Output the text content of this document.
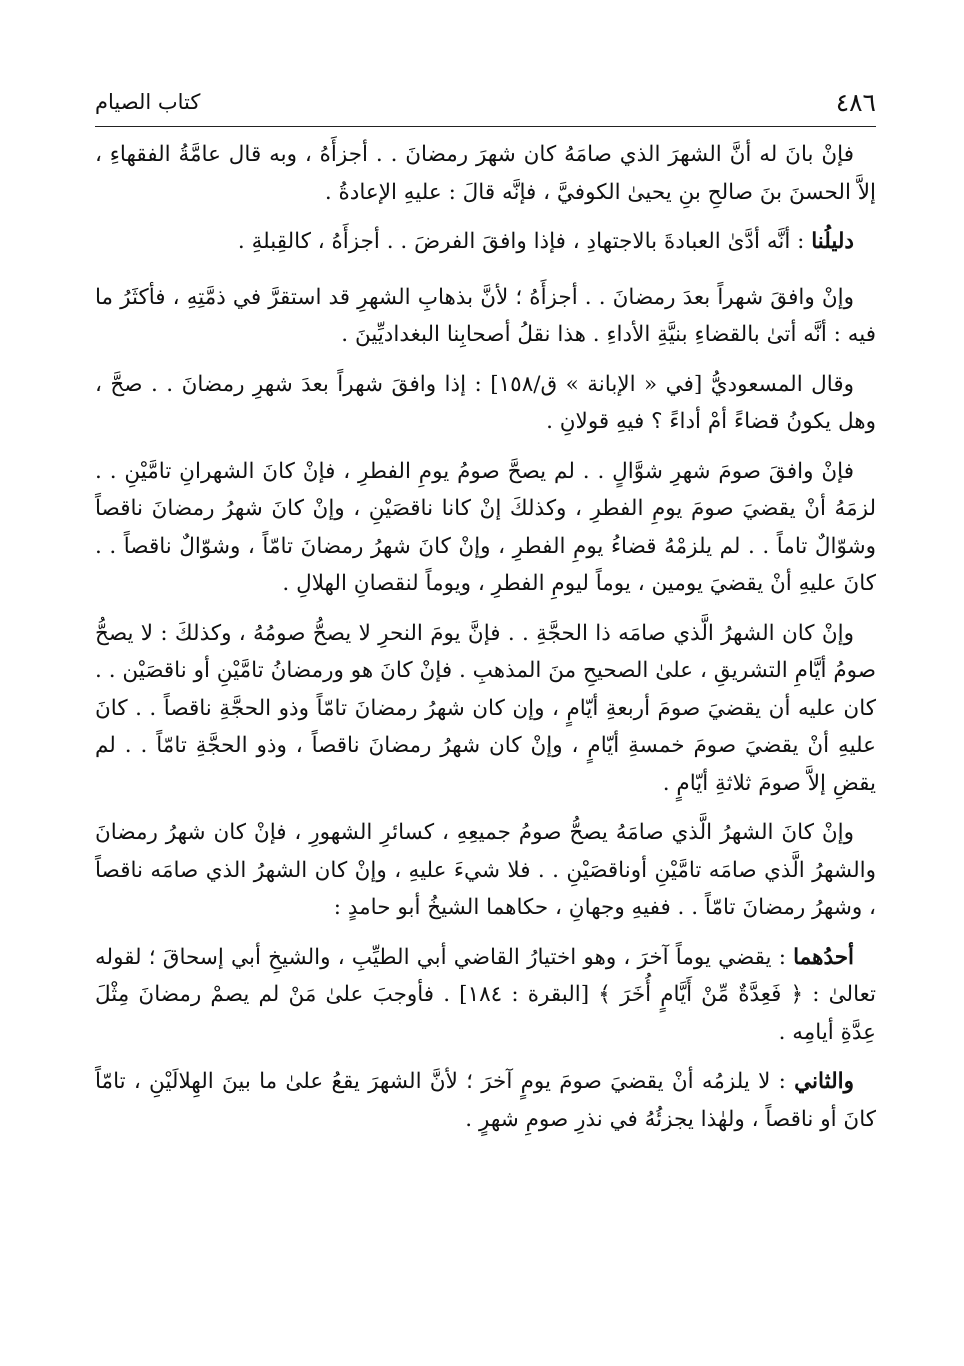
٤٨٦
كتاب الصيام

فإنْ بانَ له أنَّ الشهرَ الذي صامَهُ كان شهرَ رمضانَ . . أجزأَهُ ، وبه قال عامَّةُ الفقهاءِ ، إلاَّ الحسنَ بنَ صالحِ بنِ يحيىٰ الكوفيَّ ، فإنَّه قالَ : عليهِ الإعادةُ .

دليلُنا : أنَّه أدَّىٰ العبادةَ بالاجتهادِ ، فإذا وافقَ الفرضَ . . أجزأَهُ ، كالقِبلةِ .

وإنْ وافقَ شهراً بعدَ رمضانَ . . أجزأَهُ ؛ لأنَّ بذهابِ الشهرِ قد استقرَّ في ذمَّتِهِ ، فأكثَرُ ما فيه : أنَّه أتىٰ بالقضاءِ بنيَّةِ الأداءِ . هذا نقلُ أصحابِنا البغداديِّينَ .

وقال المسعوديُّ [في « الإبانة » ق/١٥٨] : إذا وافقَ شهراً بعدَ شهرِ رمضانَ . . صحَّ ، وهل يكونُ قضاءً أمْ أداءً ؟ فيهِ قولانِ .

فإنْ وافقَ صومَ شهرِ شوَّالٍ . . لم يصحَّ صومُ يومِ الفطرِ ، فإنْ كانَ الشهرانِ تامَّيْنِ . . لزمَهُ أنْ يقضيَ صومَ يومِ الفطرِ ، وكذلكَ إنْ كانا ناقصَيْنِ ، وإنْ كانَ شهرُ رمضانَ ناقصاً وشوّالٌ تاماً . . لم يلزمْهُ قضاءُ يومِ الفطرِ ، وإنْ كانَ شهرُ رمضانَ تامّاً ، وشوّالٌ ناقصاً . . كانَ عليهِ أنْ يقضيَ يومين ، يوماً ليومِ الفطرِ ، ويوماً لنقصانِ الهلالِ .

وإنْ كان الشهرُ الَّذي صامَه ذا الحجَّةِ . . فإنَّ يومَ النحرِ لا يصحُّ صومُهُ ، وكذلكَ : لا يصحُّ صومُ أيَّامِ التشريقِ ، علىٰ الصحيحِ منَ المذهبِ . فإنْ كانَ هو ورمضانُ تامَّيْنِ أو ناقصَيْن . . كان عليه أن يقضيَ صومَ أربعةِ أيّامٍ ، وإن كان شهرُ رمضانَ تامّاً وذو الحجَّةِ ناقصاً . . كانَ عليهِ أنْ يقضيَ صومَ خمسةِ أيّامٍ ، وإنْ كان شهرُ رمضانَ ناقصاً ، وذو الحجَّةِ تامّاً . . لم يقضِ إلاَّ صومَ ثلاثةِ أيّامٍ .

وإنْ كانَ الشهرُ الَّذي صامَهُ يصحُّ صومُ جميعِهِ ، كسائرِ الشهورِ ، فإنْ كان شهرُ رمضانَ والشهرُ الَّذي صامَه تامَّيْنِ أوناقصَيْنِ . . فلا شيءَ عليهِ ، وإنْ كان الشهرُ الذي صامَه ناقصاً ، وشهرُ رمضانَ تامّاً . . ففيهِ وجهانِ ، حكاهما الشيخُ أبو حامدٍ :

أحدُهما : يقضي يوماً آخرَ ، وهو اختيارُ القاضي أبي الطيِّبِ ، والشيخِ أبي إسحاقَ ؛ لقوله تعالىٰ : ﴿ فَعِدَّةٌ مِّنْ أَيَّامٍ أُخَرَ ﴾ [البقرة : ١٨٤] . فأوجبَ علىٰ مَنْ لم يصمْ رمضانَ مِثْلَ عِدَّةِ أيامِه .

والثاني : لا يلزمُه أنْ يقضيَ صومَ يومٍ آخرَ ؛ لأنَّ الشهرَ يقعُ علىٰ ما بينَ الهِلالَيْنِ ، تامّاً كانَ أو ناقصاً ، ولهٰذا يجزئُهُ في نذرِ صومِ شهرٍ .
